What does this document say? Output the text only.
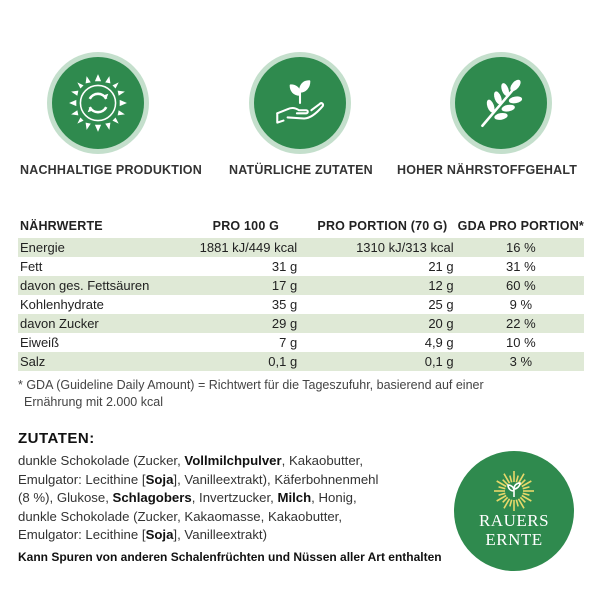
NACHHALTIGE PRODUKTION NATÜRLICHE ZUTATEN HOHER NÄHRSTOFFGEHALT
NÄHRWERTE	PRO 100 G	PRO PORTION (70 G)	GDA PRO PORTION*
Energie	1881 kJ/449 kcal	1310 kJ/313 kcal	16 %
Fett	31 g	21 g	31 %
davon ges. Fettsäuren	17 g	12 g	60 %
Kohlenhydrate	35 g	25 g	9 %
davon Zucker	29 g	20 g	22 %
Eiweiß	7 g	4,9 g	10 %
Salz	0,1 g	0,1 g	3 %
* GDA (Guideline Daily Amount) = Richtwert für die Tageszufuhr, basierend auf einer
Ernährung mit 2.000 kcal
ZUTATEN:
dunkle Schokolade (Zucker, Vollmilchpulver, Kakaobutter,
Emulgator: Lecithine [Soja], Vanilleextrakt), Käferbohnenmehl
(8 %), Glukose, Schlagobers, Invertzucker, Milch, Honig,
dunkle Schokolade (Zucker, Kakaomasse, Kakaobutter,
Emulgator: Lecithine [Soja], Vanilleextrakt)
Kann Spuren von anderen Schalenfrüchten und Nüssen aller Art enthalten
RAUERS
ERNTE
